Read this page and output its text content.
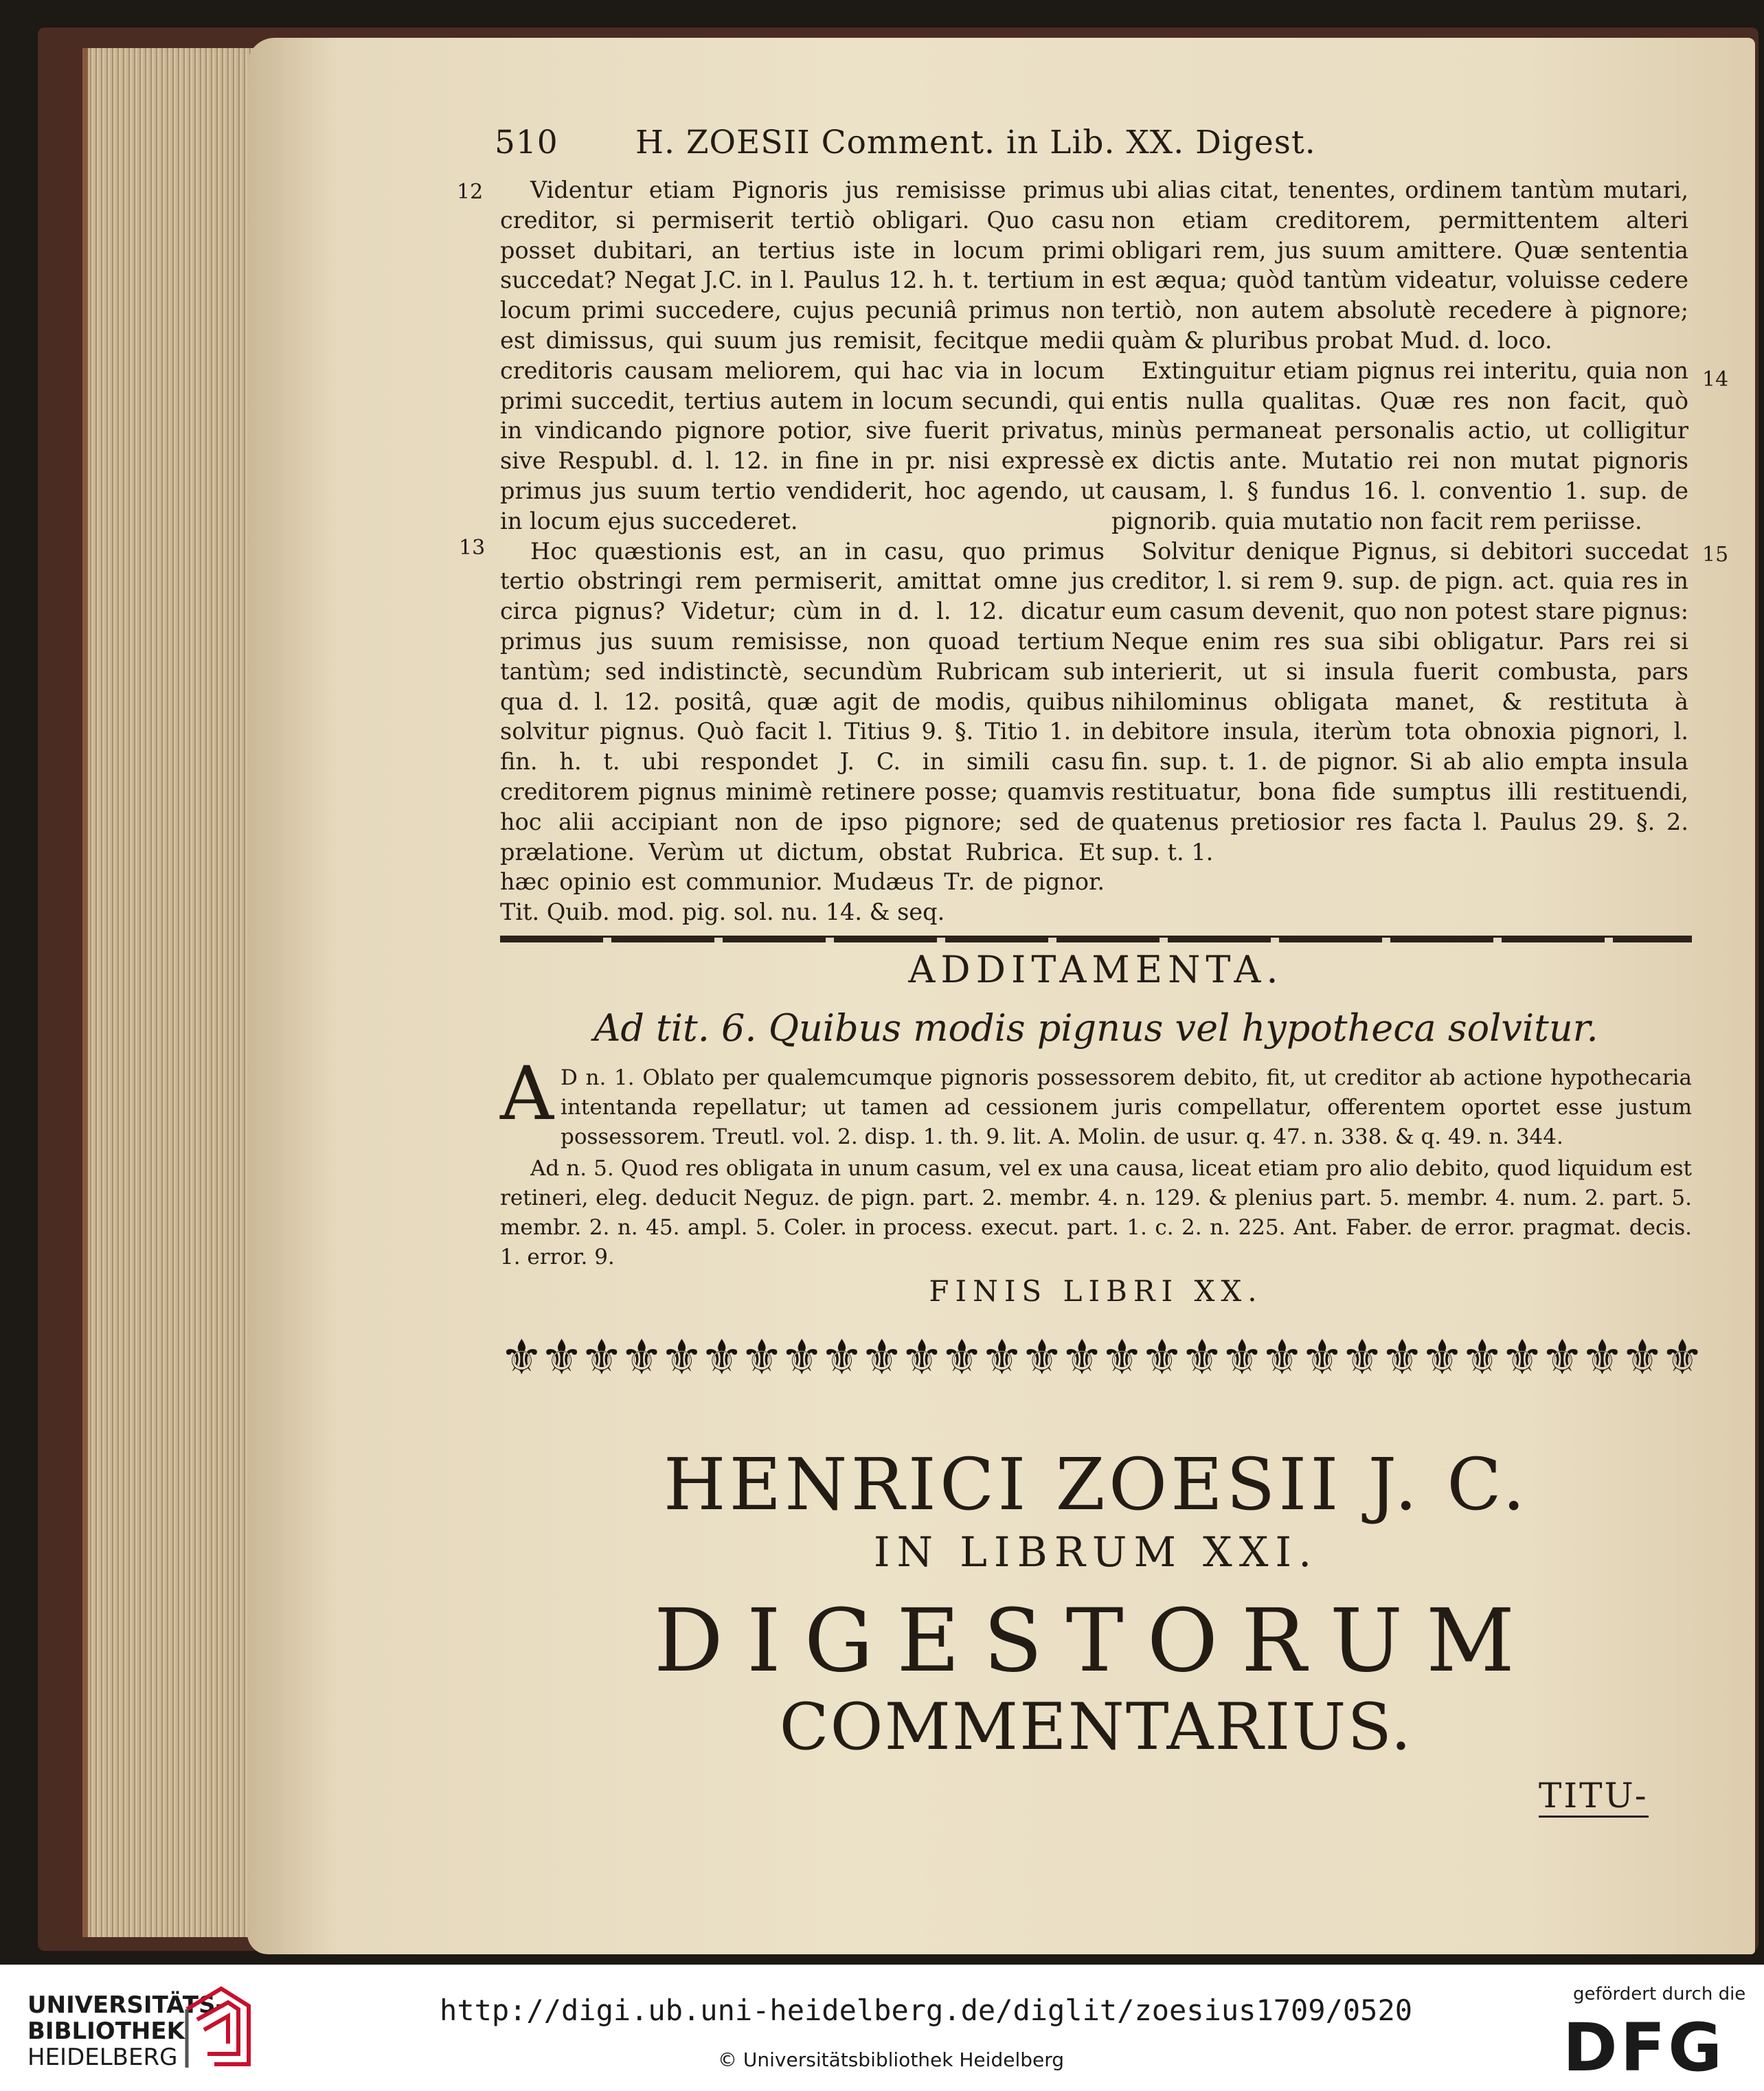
510 H. ZOESII Comment. in Lib. XX. Digest.
12
13
14
15

Videntur etiam Pignoris jus remisisse primus creditor, si permiserit tertiò obligari. Quo casu posset dubitari, an tertius iste in locum primi succedat? Negat J.C. in l. Paulus 12. h. t. tertium in locum primi succedere, cujus pecuniâ primus non est dimissus, qui suum jus remisit, fecitque medii creditoris causam meliorem, qui hac via in locum primi succedit, tertius autem in locum secundi, qui in vindicando pignore potior, sive fuerit privatus, sive Respubl. d. l. 12. in fine in pr. nisi expressè primus jus suum tertio vendiderit, hoc agendo, ut in locum ejus succederet.

Hoc quæstionis est, an in casu, quo primus tertio obstringi rem permiserit, amittat omne jus circa pignus? Videtur; cùm in d. l. 12. dicatur primus jus suum remisisse, non quoad tertium tantùm; sed indistinctè, secundùm Rubricam sub qua d. l. 12. positâ, quæ agit de modis, quibus solvitur pignus. Quò facit l. Titius 9. §. Titio 1. in fin. h. t. ubi respondet J. C. in simili casu creditorem pignus minimè retinere posse; quamvis hoc alii accipiant non de ipso pignore; sed de prælatione. Verùm ut dictum, obstat Rubrica. Et hæc opinio est communior. Mudæus Tr. de pignor. Tit. Quib. mod. pig. sol. nu. 14. & seq.

ubi alias citat, tenentes, ordinem tantùm mutari, non etiam creditorem, permittentem alteri obligari rem, jus suum amittere. Quæ sententia est æqua; quòd tantùm videatur, voluisse cedere tertiò, non autem absolutè recedere à pignore; quàm & pluribus probat Mud. d. loco.

Extinguitur etiam pignus rei interitu, quia non entis nulla qualitas. Quæ res non facit, quò minùs permaneat personalis actio, ut colligitur ex dictis ante. Mutatio rei non mutat pignoris causam, l. § fundus 16. l. conventio 1. sup. de pignorib. quia mutatio non facit rem periisse.

Solvitur denique Pignus, si debitori succedat creditor, l. si rem 9. sup. de pign. act. quia res in eum casum devenit, quo non potest stare pignus: Neque enim res sua sibi obligatur. Pars rei si interierit, ut si insula fuerit combusta, pars nihilominus obligata manet, & restituta à debitore insula, iterùm tota obnoxia pignori, l. fin. sup. t. 1. de pignor. Si ab alio empta insula restituatur, bona fide sumptus illi restituendi, quatenus pretiosior res facta l. Paulus 29. §. 2. sup. t. 1.

ADDITAMENTA.
Ad tit. 6. Quibus modis pignus vel hypotheca solvitur.

A D n. 1. Oblato per qualemcumque pignoris possessorem debito, fit, ut creditor ab actione hypothecaria intentanda repellatur; ut tamen ad cessionem juris compellatur, offerentem oportet esse justum possessorem. Treutl. vol. 2. disp. 1. th. 9. lit. A. Molin. de usur. q. 47. n. 338. & q. 49. n. 344.

Ad n. 5. Quod res obligata in unum casum, vel ex una causa, liceat etiam pro alio debito, quod liquidum est retineri, eleg. deducit Neguz. de pign. part. 2. membr. 4. n. 129. & plenius part. 5. membr. 4. num. 2. part. 5. membr. 2. n. 45. ampl. 5. Coler. in process. execut. part. 1. c. 2. n. 225. Ant. Faber. de error. pragmat. decis. 1. error. 9.

FINIS LIBRI XX.
⚜
⚜
⚜
⚜
⚜
⚜
⚜
⚜
⚜
⚜
⚜
⚜
⚜
⚜
⚜
⚜
⚜
⚜
⚜
⚜
⚜
⚜
⚜
⚜
⚜
⚜
⚜
⚜
⚜
⚜
HENRICI ZOESII J. C.
IN LIBRUM XXI.
DIGESTORUM
COMMENTARIUS.
TITU-
UNIVERSITÄTS-
BIBLIOTHEK
HEIDELBERG
http://digi.ub.uni-heidelberg.de/diglit/zoesius1709/0520
© Universitätsbibliothek Heidelberg
gefördert durch die
DFG
